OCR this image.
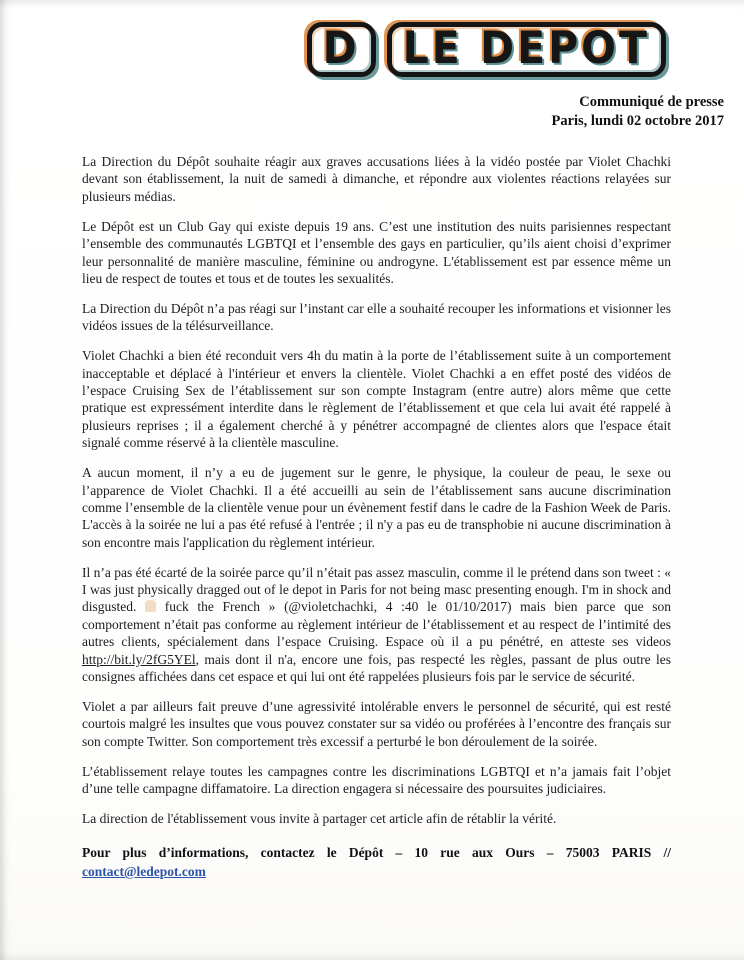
D LE DEPOT
Communiqué de presse
Paris, lundi 02 octobre 2017

La Direction du Dépôt souhaite réagir aux graves accusations liées à la vidéo postée par Violet Chachki devant son établissement, la nuit de samedi à dimanche, et répondre aux violentes réactions relayées sur plusieurs médias.

Le Dépôt est un Club Gay qui existe depuis 19 ans. C’est une institution des nuits parisiennes respectant l’ensemble des communautés LGBTQI et l’ensemble des gays en particulier, qu’ils aient choisi d’exprimer leur personnalité de manière masculine, féminine ou androgyne. L'établissement est par essence même un lieu de respect de toutes et tous et de toutes les sexualités.

La Direction du Dépôt n’a pas réagi sur l’instant car elle a souhaité recouper les informations et visionner les vidéos issues de la télésurveillance.

Violet Chachki a bien été reconduit vers 4h du matin à la porte de l’établissement suite à un comportement inacceptable et déplacé à l'intérieur et envers la clientèle. Violet Chachki a en effet posté des vidéos de l’espace Cruising Sex de l’établissement sur son compte Instagram (entre autre) alors même que cette pratique est expressément interdite dans le règlement de l’établissement et que cela lui avait été rappelé à plusieurs reprises ; il a également cherché à y pénétrer accompagné de clientes alors que l'espace était signalé comme réservé à la clientèle masculine.

A aucun moment, il n’y a eu de jugement sur le genre, le physique, la couleur de peau, le sexe ou l’apparence de Violet Chachki. Il a été accueilli au sein de l’établissement sans aucune discrimination comme l’ensemble de la clientèle venue pour un évènement festif dans le cadre de la Fashion Week de Paris. L'accès à la soirée ne lui a pas été refusé à l'entrée ; il n'y a pas eu de transphobie ni aucune discrimination à son encontre mais l'application du règlement intérieur.

Il n’a pas été écarté de la soirée parce qu’il n’était pas assez masculin, comme il le prétend dans son tweet : « I was just physically dragged out of le depot in Paris for not being masc presenting enough. I'm in shock and disgusted.  fuck the French » (@violetchachki, 4 :40 le 01/10/2017) mais bien parce que son comportement n’était pas conforme au règlement intérieur de l’établissement et au respect de l’intimité des autres clients, spécialement dans l’espace Cruising. Espace où il a pu pénétré, en atteste ses videos http://bit.ly/2fG5YEl, mais dont il n'a, encore une fois, pas respecté les règles, passant de plus outre les consignes affichées dans cet espace et qui lui ont été rappelées plusieurs fois par le service de sécurité.

Violet a par ailleurs fait preuve d’une agressivité intolérable envers le personnel de sécurité, qui est resté courtois malgré les insultes que vous pouvez constater sur sa vidéo ou proférées à l’encontre des français sur son compte Twitter. Son comportement très excessif a perturbé le bon déroulement de la soirée.

L’établissement relaye toutes les campagnes contre les discriminations LGBTQI et n’a jamais fait l’objet d’une telle campagne diffamatoire. La direction engagera si nécessaire des poursuites judiciaires.

La direction de l'établissement vous invite à partager cet article afin de rétablir la vérité.

Pour plus d’informations, contactez le Dépôt – 10 rue aux Ours – 75003 PARIS // contact@ledepot.com
